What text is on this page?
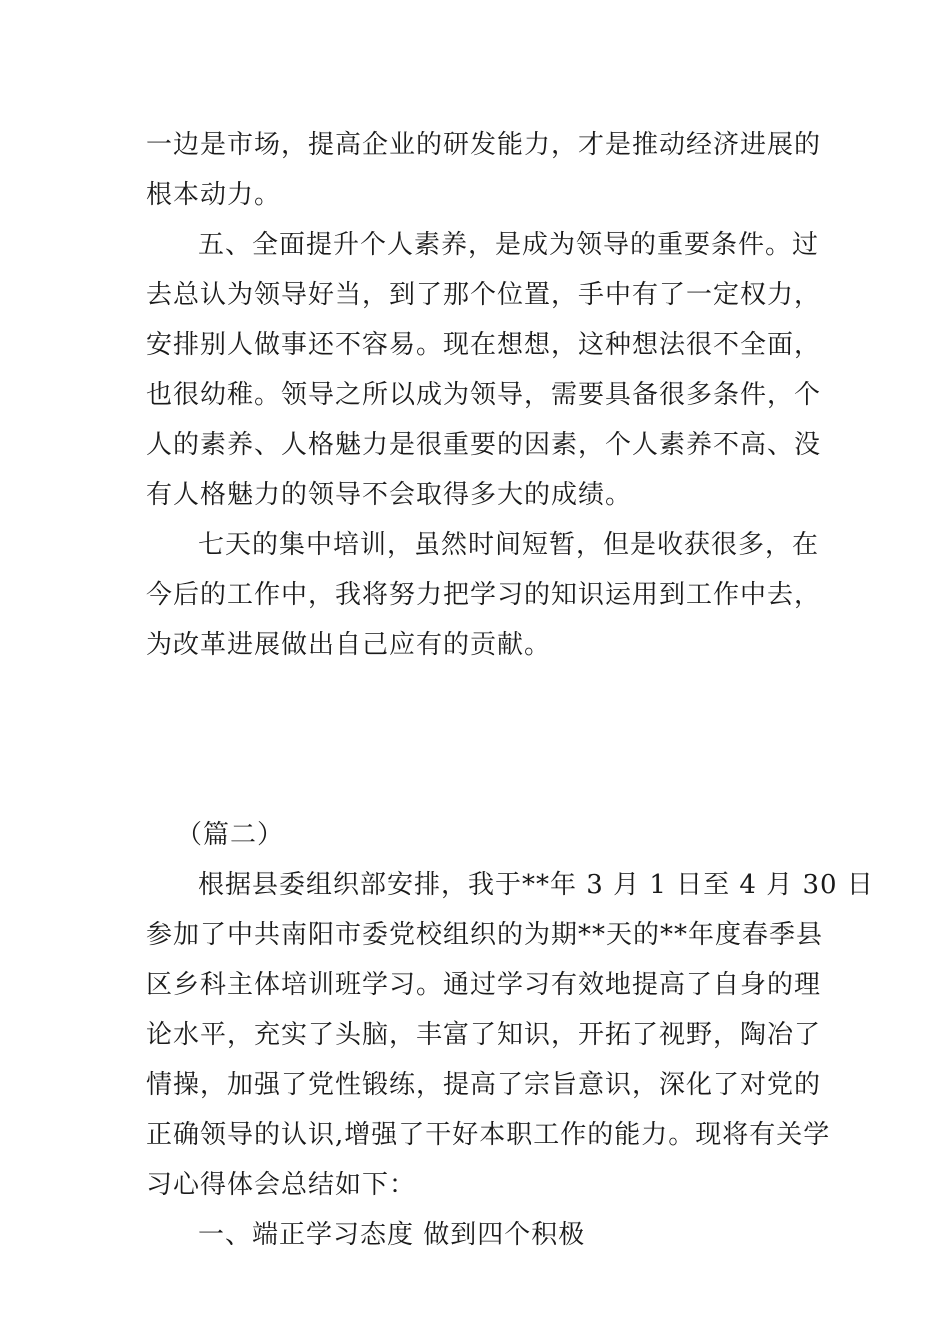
一边是市场，提高企业的研发能力，才是推动经济进展的
根本动力。
五、全面提升个人素养，是成为领导的重要条件。过
去总认为领导好当，到了那个位置，手中有了一定权力，
安排别人做事还不容易。现在想想，这种想法很不全面，
也很幼稚。领导之所以成为领导，需要具备很多条件，个
人的素养、人格魅力是很重要的因素，个人素养不高、没
有人格魅力的领导不会取得多大的成绩。
七天的集中培训，虽然时间短暂，但是收获很多，在
今后的工作中，我将努力把学习的知识运用到工作中去，
为改革进展做出自己应有的贡献。
（篇二）
根据县委组织部安排，我于**年 3 月 1 日至 4 月 30 日
参加了中共南阳市委党校组织的为期**天的**年度春季县
区乡科主体培训班学习。通过学习有效地提高了自身的理
论水平，充实了头脑，丰富了知识，开拓了视野，陶冶了
情操，加强了党性锻练，提高了宗旨意识，深化了对党的
正确领导的认识,增强了干好本职工作的能力。现将有关学
习心得体会总结如下：
一、端正学习态度 做到四个积极
